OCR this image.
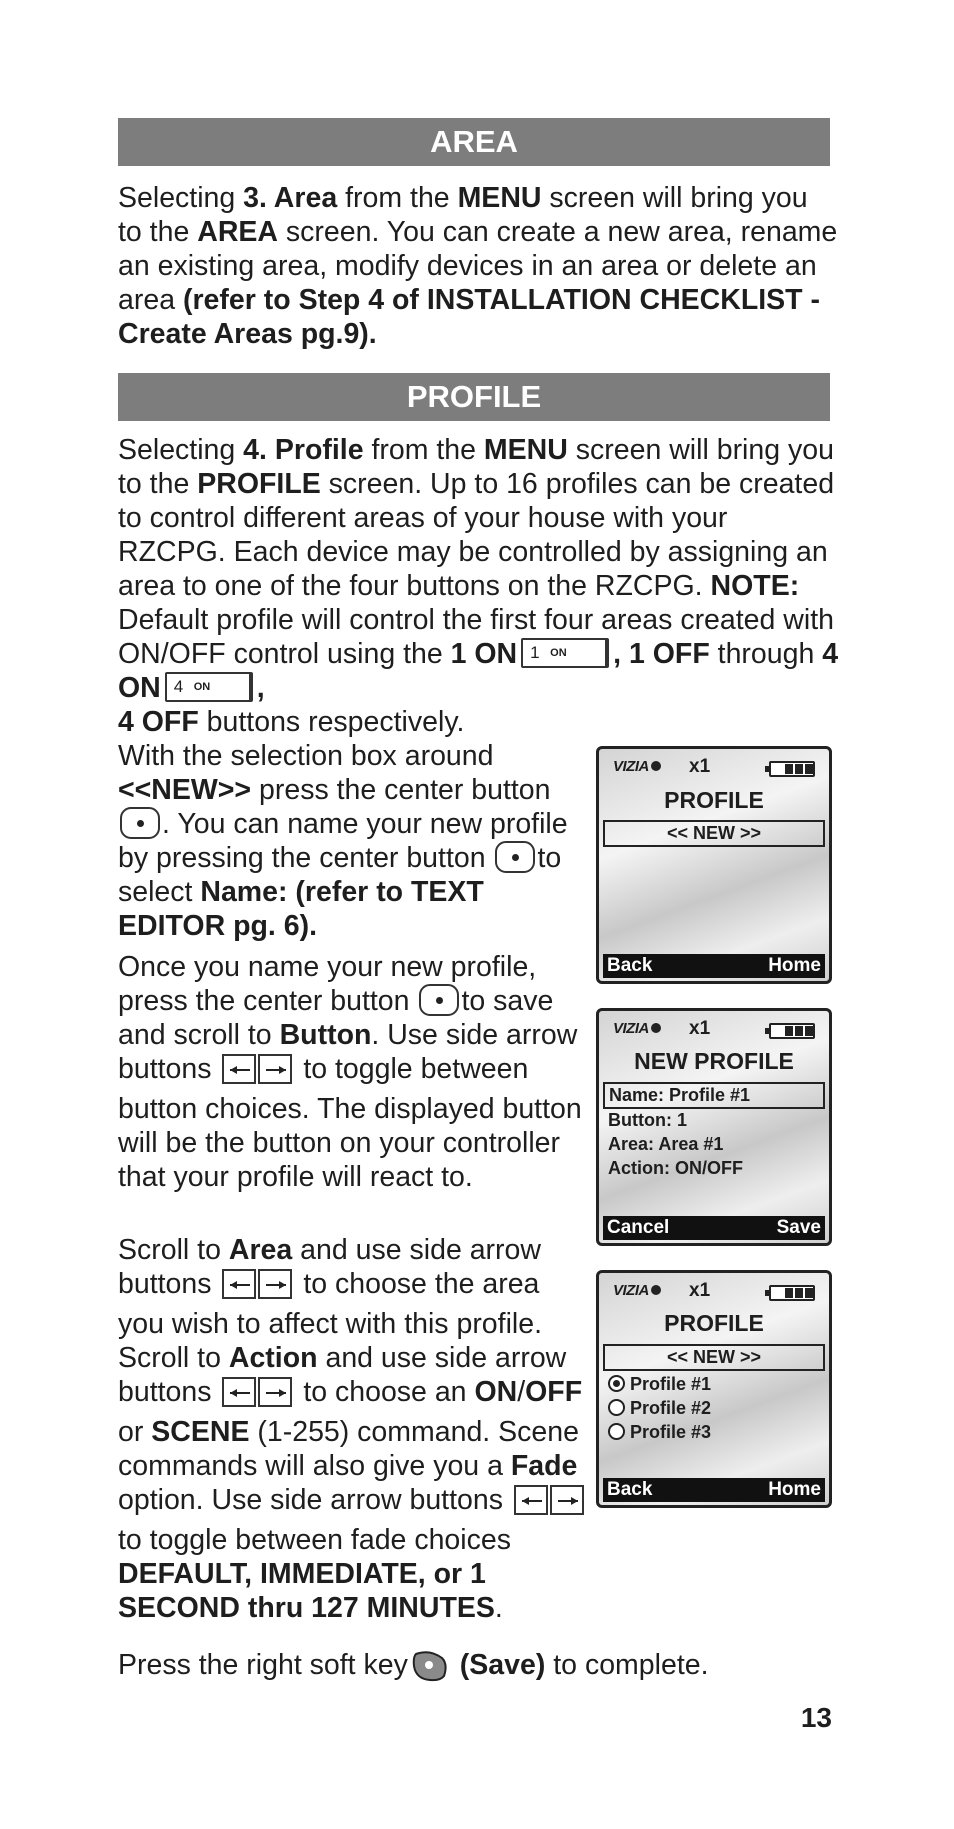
AREA
Selecting 3. Area from the MENU screen will bring you to the AREA screen. You can create a new area, rename an existing area, modify devices in an area or delete an area (refer to Step 4 of INSTALLATION CHECKLIST - Create Areas pg.9).
PROFILE
Selecting 4. Profile from the MENU screen will bring you to the PROFILE screen. Up to 16 profiles can be created to control different areas of your house with your RZCPG. Each device may be controlled by assigning an area to one of the four buttons on the RZCPG. NOTE: Default profile will control the first four areas created with ON/OFF control using the 1 ON 1 ON , 1 OFF through 4 ON 4 ON ,
4 OFF buttons respectively.
With the selection box around
<<NEW>> press the center button . You can name your new profile by pressing the center button to select Name: (refer to TEXT EDITOR pg. 6).
Once you name your new profile, press the center button to save and scroll to Button. Use side arrow buttons	to toggle between button choices. The displayed button will be the button on your controller that your profile will react to.
Scroll to Area and use side arrow buttons	to choose the area you wish to affect with this profile.
Scroll to Action and use side arrow buttons	to choose an ON/OFF or SCENE (1-255) command. Scene commands will also give you a Fade option. Use side arrow buttons
to toggle between fade choices DEFAULT, IMMEDIATE, or 1 SECOND thru 127 MINUTES.
Press the right soft key (Save) to complete.
VIZIA	x1
PROFILE
<< NEW >>
Back	Home
VIZIA	x1
NEW PROFILE
Name: Profile #1
Button: 1
Area: Area #1
Action: ON/OFF
Cancel	Save
VIZIA	x1
PROFILE
<< NEW >>
Profile #1
Profile #2
Profile #3
Back	Home
13
